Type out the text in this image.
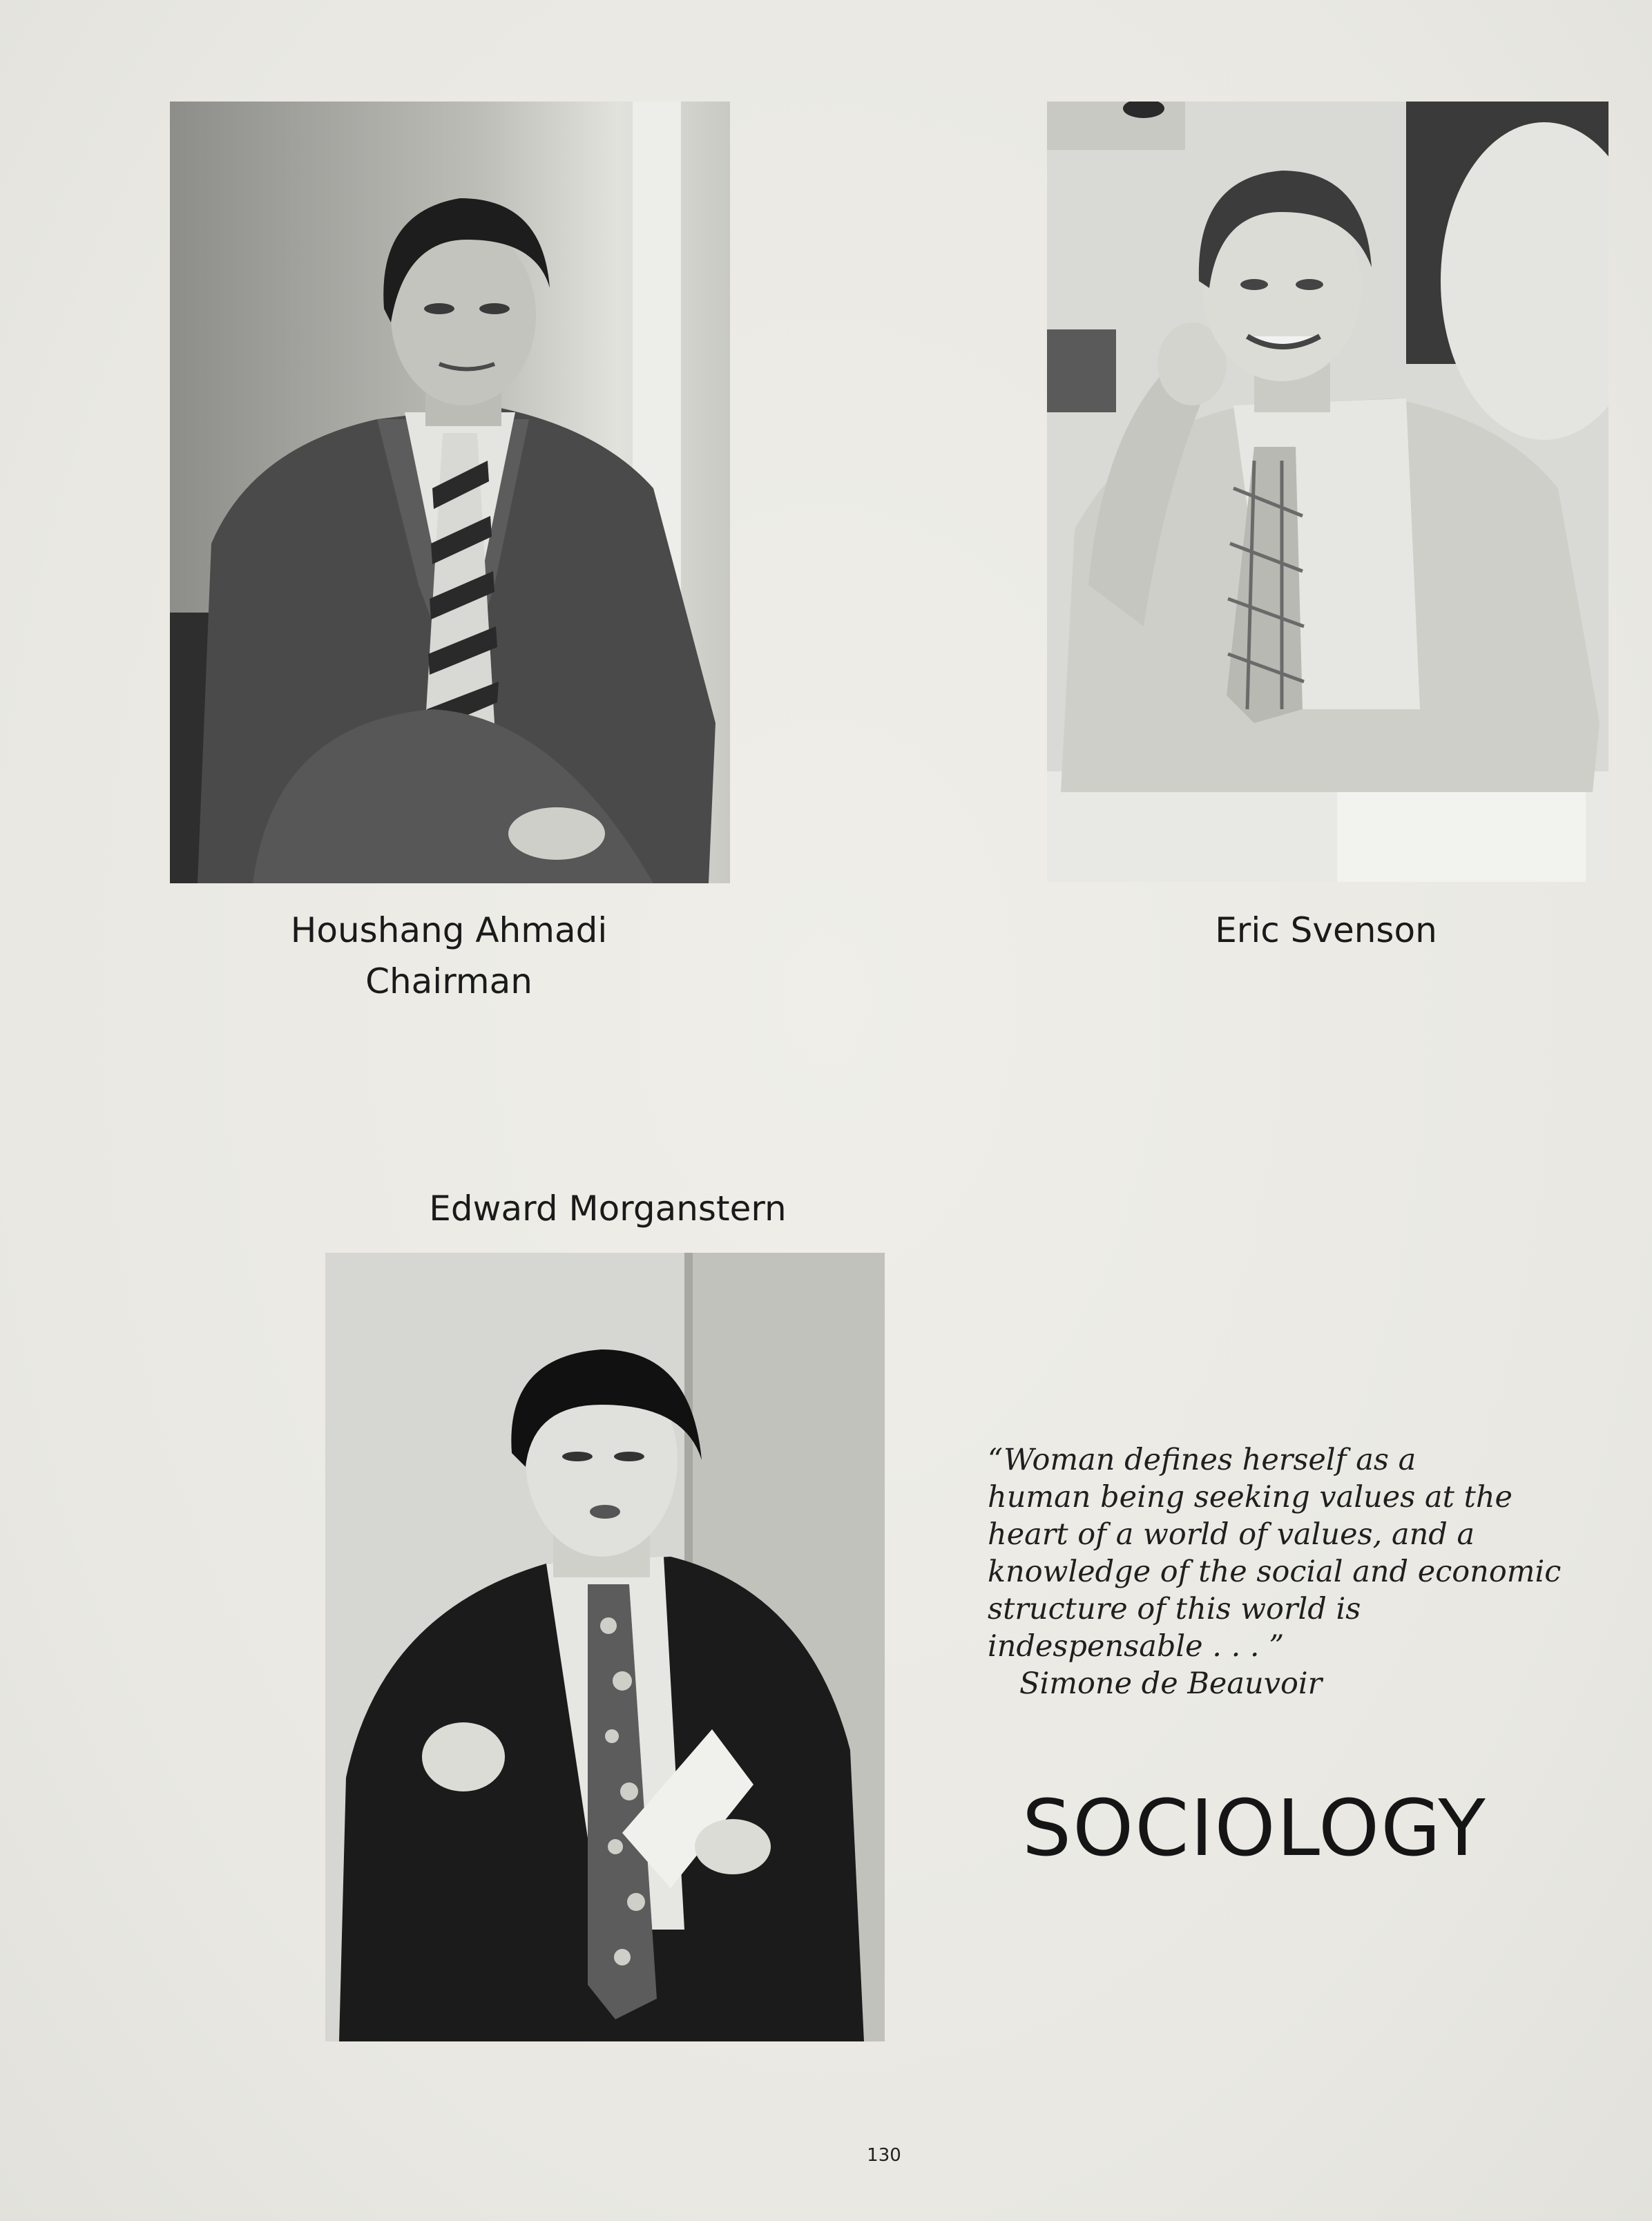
Houshang Ahmadi
Chairman
Eric Svenson
Edward Morganstern
“Woman defines herself as a
human being seeking values at the
heart of a world of values, and a
knowledge of the social and economic
structure of this world is
indespensable . . . ”
Simone de Beauvoir
SOCIOLOGY
130
